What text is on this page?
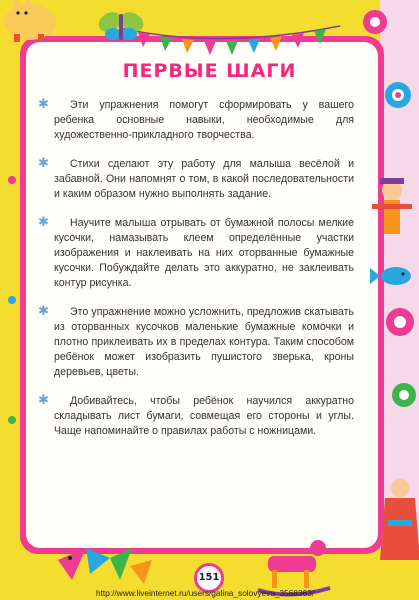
ПЕРВЫЕ ШАГИ

✱ Эти упражнения помогут сформировать у вашего ребенка основные навыки, необходимые для художественно-прикладного творчества.

✱ Стихи сделают эту работу для малыша весёлой и забавной. Они напомнят о том, в какой последовательности и каким образом нужно выполнять задание.

✱ Научите малыша отрывать от бумажной полосы мелкие кусочки, намазывать клеем определённые участки изображения и наклеивать на них оторванные бумажные кусочки. Побуждайте делать это аккуратно, не заклеивать контур рисунка.

✱ Это упражнение можно усложнить, предложив скатывать из оторванных кусочков маленькие бумажные комочки и плотно приклеивать их в пределах контура. Таким способом ребёнок может изобразить пушистого зверька, кроны деревьев, цветы.

✱ Добивайтесь, чтобы ребёнок научился аккуратно складывать лист бумаги, совмещая его стороны и углы. Чаще напоминайте о правилах работы с ножницами.

151
http://www.liveinternet.ru/users/galina_solovyeva_3568363/
